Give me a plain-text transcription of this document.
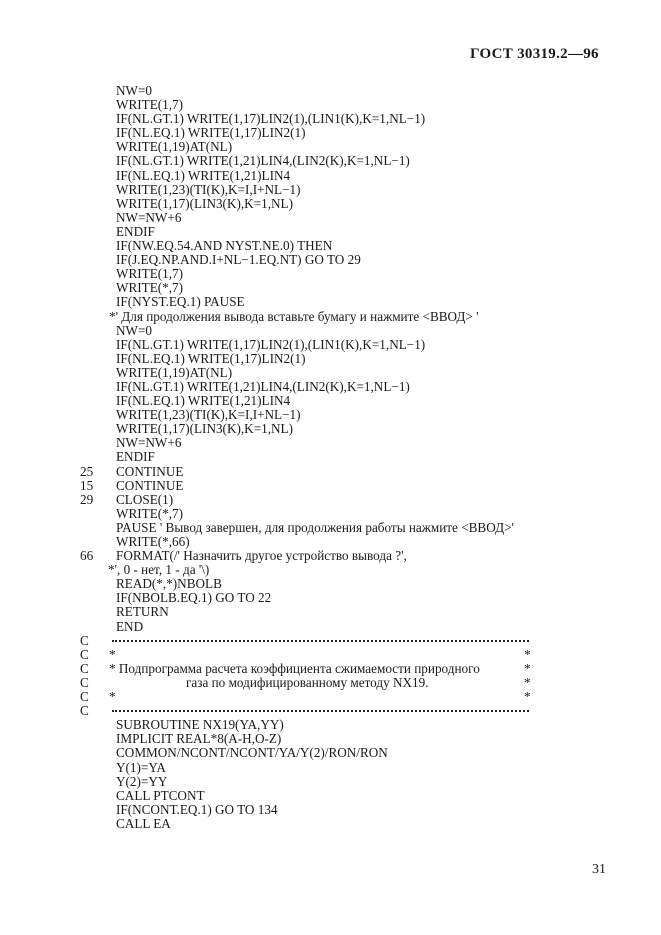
ГОСТ 30319.2—96
NW=0
WRITE(1,7)
IF(NL.GT.1) WRITE(1,17)LIN2(1),(LIN1(K),K=1,NL−1)
IF(NL.EQ.1) WRITE(1,17)LIN2(1)
WRITE(1,19)AT(NL)
IF(NL.GT.1) WRITE(1,21)LIN4,(LIN2(K),K=1,NL−1)
IF(NL.EQ.1) WRITE(1,21)LIN4
WRITE(1,23)(TI(K),K=I,I+NL−1)
WRITE(1,17)(LIN3(K),K=1,NL)
NW=NW+6
ENDIF
IF(NW.EQ.54.AND NYST.NE.0) THEN
IF(J.EQ.NP.AND.I+NL−1.EQ.NT) GO TO 29
WRITE(1,7)
WRITE(*,7)
IF(NYST.EQ.1) PAUSE
*' Для продолжения вывода вставьте бумагу и нажмите <ВВОД> '
NW=0
IF(NL.GT.1) WRITE(1,17)LIN2(1),(LIN1(K),K=1,NL−1)
IF(NL.EQ.1) WRITE(1,17)LIN2(1)
WRITE(1,19)AT(NL)
IF(NL.GT.1) WRITE(1,21)LIN4,(LIN2(K),K=1,NL−1)
IF(NL.EQ.1) WRITE(1,21)LIN4
WRITE(1,23)(TI(K),K=I,I+NL−1)
WRITE(1,17)(LIN3(K),K=1,NL)
NW=NW+6
ENDIF
25 CONTINUE
15 CONTINUE
29 CLOSE(1)
WRITE(*,7)
PAUSE ' Вывод завершен, для продолжения работы нажмите <ВВОД>'
WRITE(*,66)
66 FORMAT(/' Назначить другое устройство вывода ?',
*', 0 - нет, 1 - да '\)
READ(*,*)NBOLB
IF(NBOLB.EQ.1) GO TO 22
RETURN
END
C
C *	*
C * Подпрограмма расчета коэффициента сжимаемости природного	*
C	газа по модифицированному методу NX19.	*
C *	*
C
SUBROUTINE NX19(YA,YY)
IMPLICIT REAL*8(A-H,O-Z)
COMMON/NCONT/NCONT/YA/Y(2)/RON/RON
Y(1)=YA
Y(2)=YY
CALL PTCONT
IF(NCONT.EQ.1) GO TO 134
CALL EA
31
